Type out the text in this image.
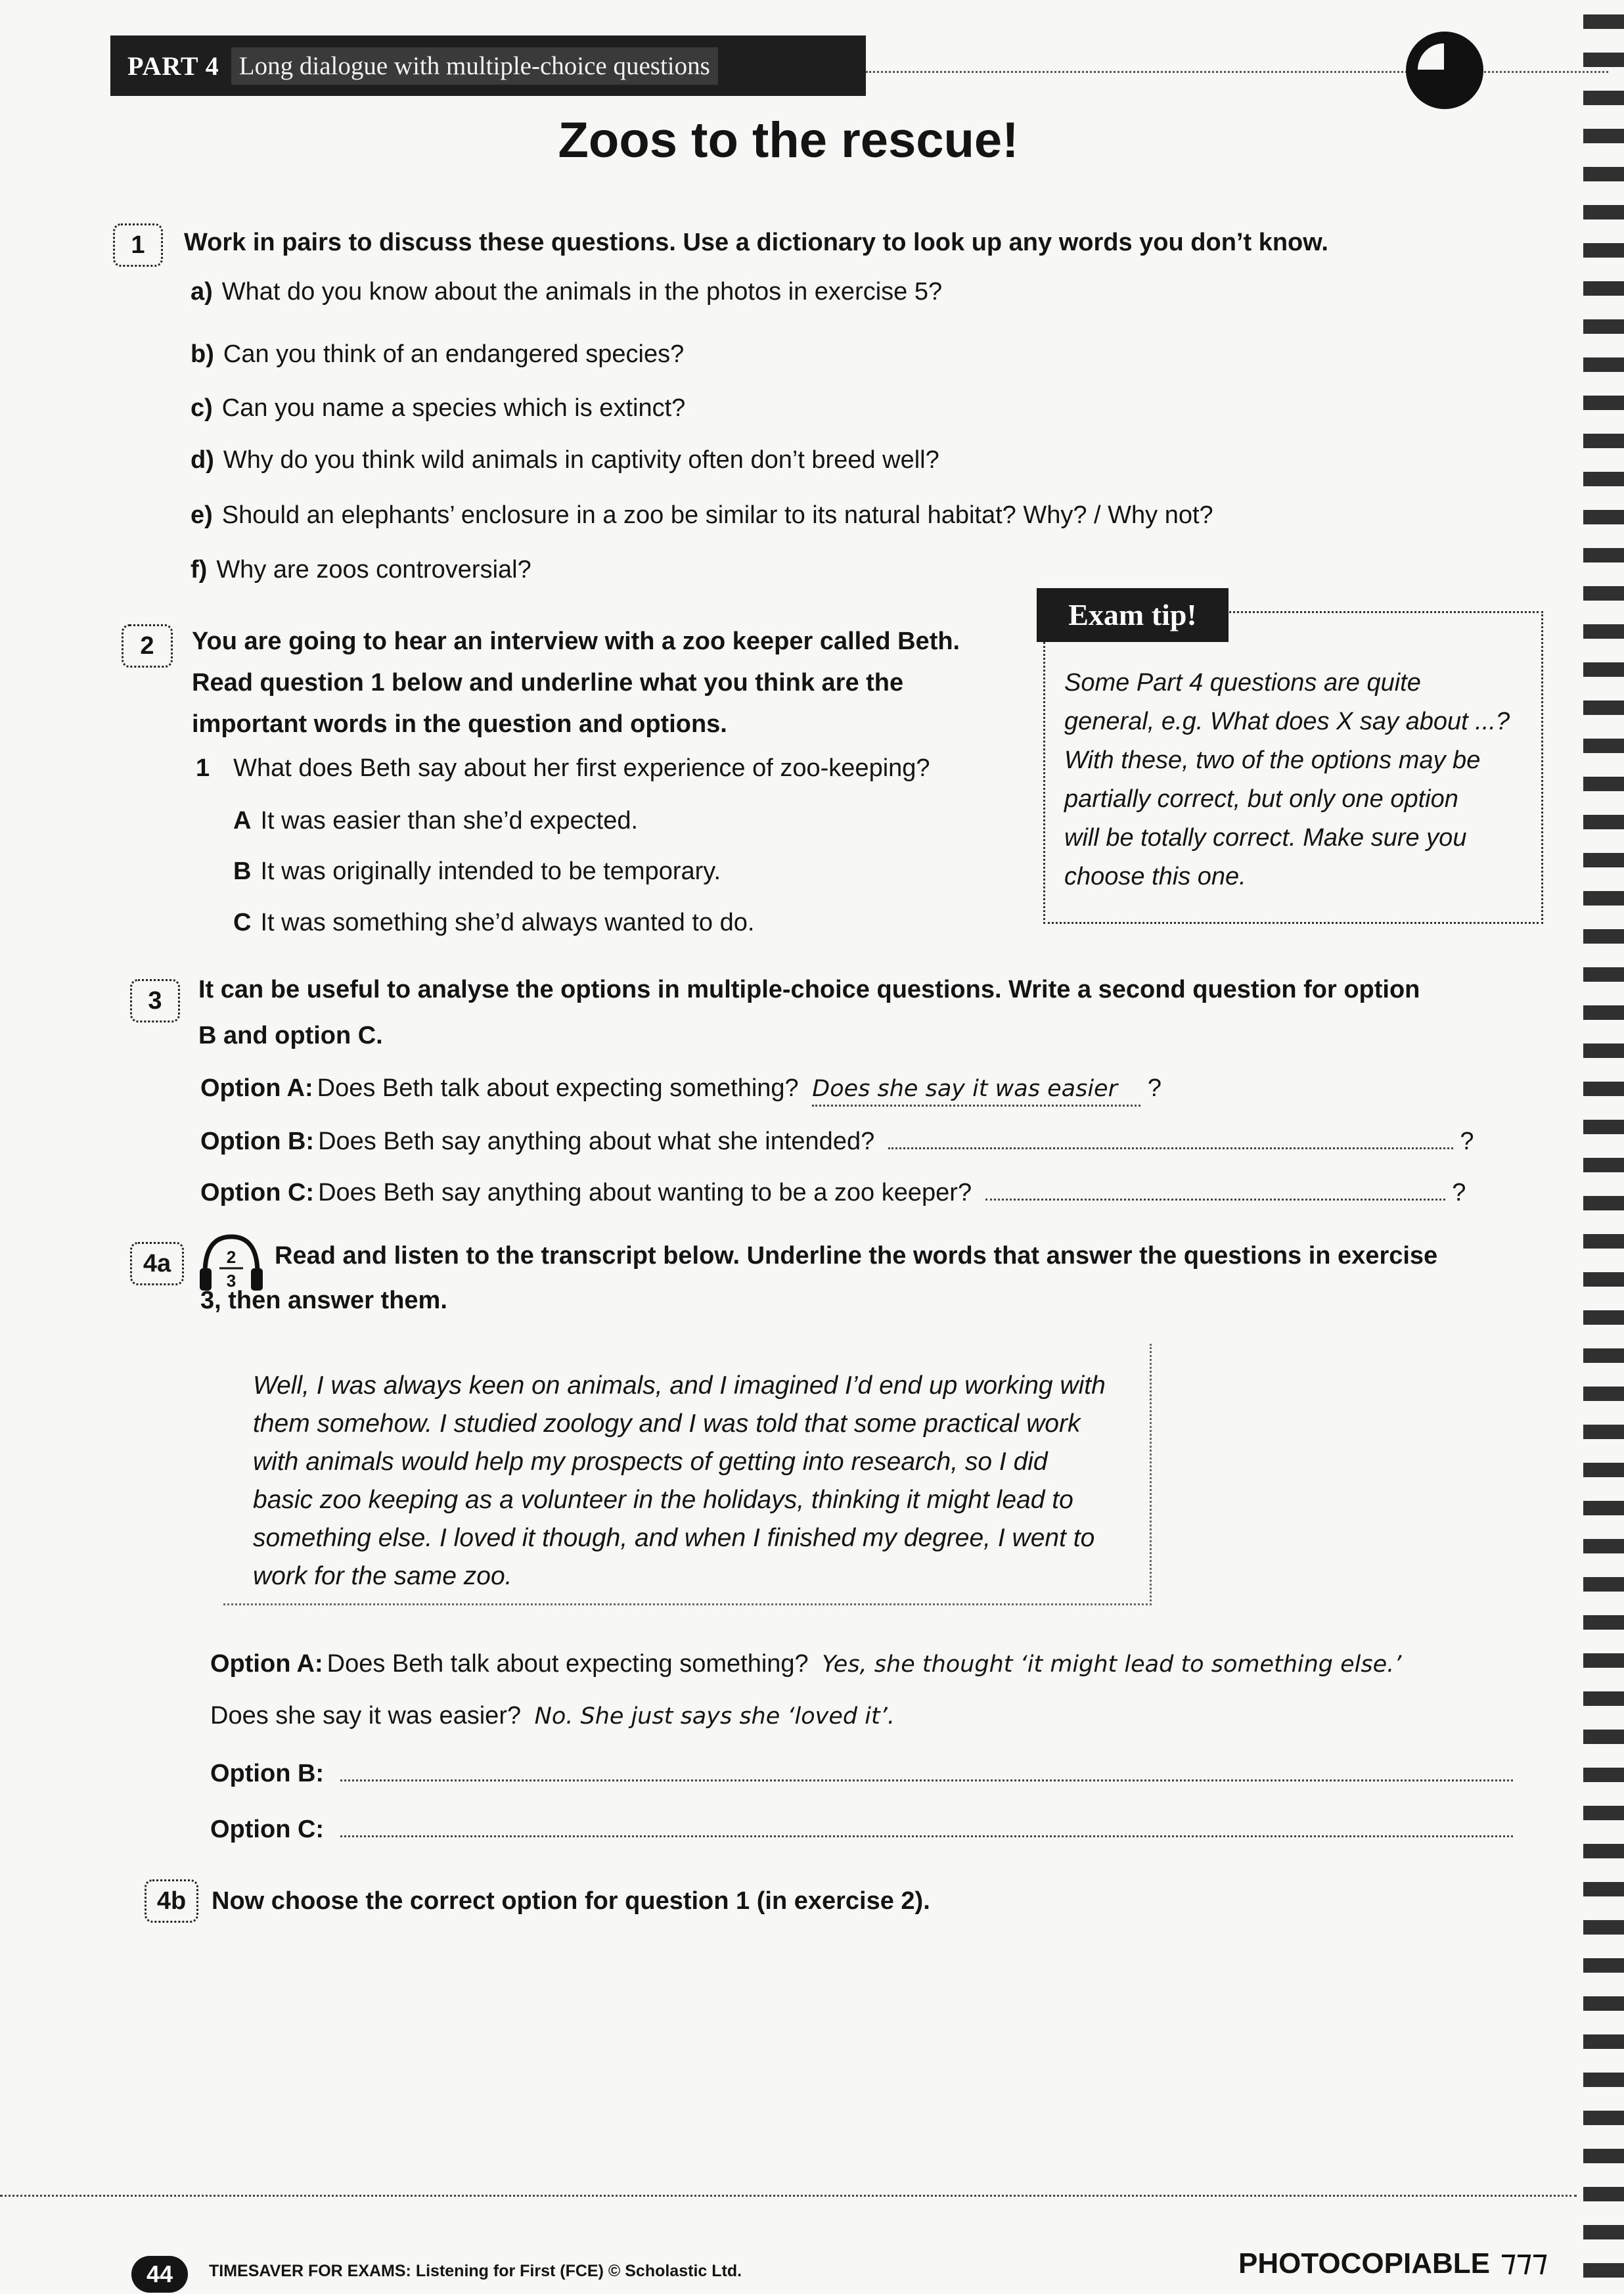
PART 4 Long dialogue with multiple-choice questions
Zoos to the rescue!
1	Work in pairs to discuss these questions. Use a dictionary to look up any words you don’t know.
a) What do you know about the animals in the photos in exercise 5?
b) Can you think of an endangered species?
c) Can you name a species which is extinct?
d) Why do you think wild animals in captivity often don’t breed well?
e) Should an elephants’ enclosure in a zoo be similar to its natural habitat? Why? / Why not?
f) Why are zoos controversial?
2	You are going to hear an interview with a zoo keeper called Beth.
Read question 1 below and underline what you think are the
important words in the question and options.
1 What does Beth say about her first experience of zoo-keeping?
A It was easier than she’d expected.
B It was originally intended to be temporary.
C It was something she’d always wanted to do.
Exam tip!
Some Part 4 questions are quite
general, e.g. What does X say about ...?
With these, two of the options may be
partially correct, but only one option
will be totally correct. Make sure you
choose this one.
3	It can be useful to analyse the options in multiple-choice questions. Write a second question for option
B and option C.
Option A: Does Beth talk about expecting something? Does she say it was easier ?
Option B: Does Beth say anything about what she intended?	?
Option C: Does Beth say anything about wanting to be a zoo keeper?	?
4a	2
3
Read and listen to the transcript below. Underline the words that answer the questions in exercise
3, then answer them.
Well, I was always keen on animals, and I imagined I’d end up working with
them somehow. I studied zoology and I was told that some practical work
with animals would help my prospects of getting into research, so I did
basic zoo keeping as a volunteer in the holidays, thinking it might lead to
something else. I loved it though, and when I finished my degree, I went to
work for the same zoo.
Option A: Does Beth talk about expecting something? Yes, she thought ‘it might lead to something else.’
Does she say it was easier? No. She just says she ‘loved it’.
Option B:
Option C:
4b	Now choose the correct option for question 1 (in exercise 2).
44	TIMESAVER FOR EXAMS: Listening for First (FCE) © Scholastic Ltd.	PHOTOCOPIABLE
